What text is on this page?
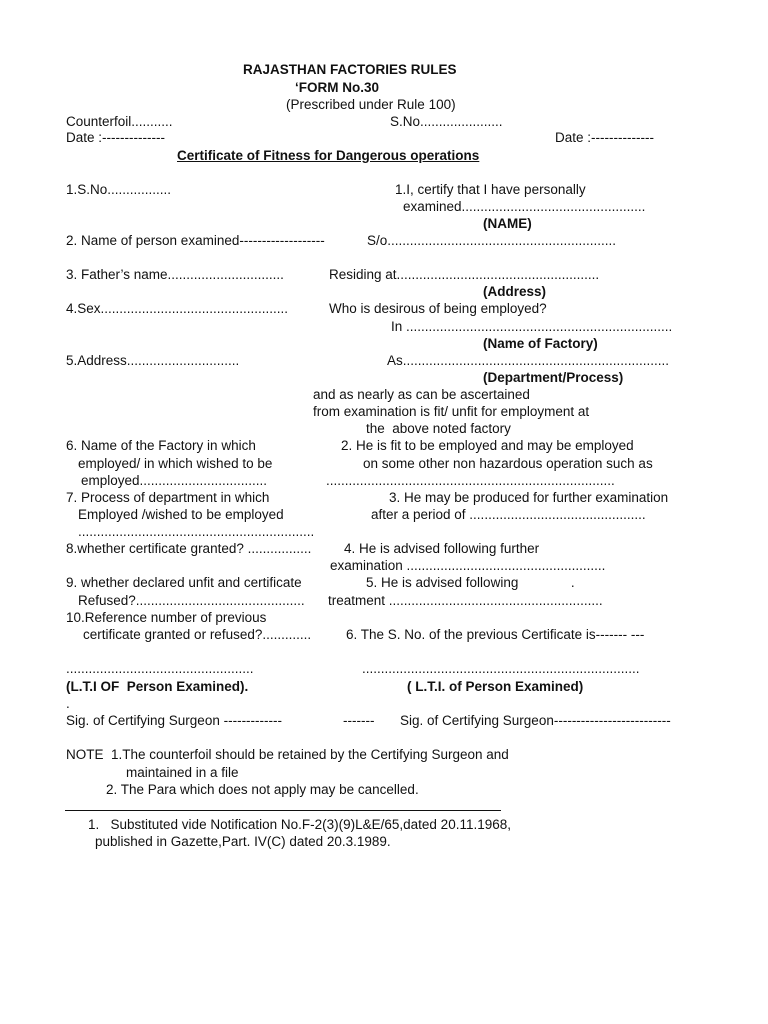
RAJASTHAN FACTORIES RULES
‘FORM No.30
(Prescribed under Rule 100)
Counterfoil...........	S.No......................
Date :--------------	Date :--------------
Certificate of Fitness for Dangerous operations
1.S.No.................
2. Name of person examined-------------------
3. Father’s name...............................
4.Sex..................................................
5.Address..............................
6. Name of the Factory in which
employed/ in which wished to be
employed..................................
7. Process of department in which
Employed /wished to be employed
...............................................................
8.whether certificate granted? .................
9. whether declared unfit and certificate
Refused?.............................................
10.Reference number of previous
certificate granted or refused?.............
..................................................
(L.T.I OF  Person Examined).
.
Sig. of Certifying Surgeon -------------
1.I, certify that I have personally
examined.................................................
(NAME)
S/o.............................................................
Residing at......................................................
(Address)
Who is desirous of being employed?
In .......................................................................
(Name of Factory)
As.......................................................................
(Department/Process)
and as nearly as can be ascertained
from examination is fit/ unfit for employment at
the  above noted factory
2. He is fit to be employed and may be employed
on some other non hazardous operation such as
.............................................................................
3. He may be produced for further examination
after a period of ...............................................
4. He is advised following further
examination .....................................................
5. He is advised following              .
treatment .........................................................
6. The S. No. of the previous Certificate is------- ---
..........................................................................
( L.T.I. of Person Examined)
------- Sig. of Certifying Surgeon--------------------------
NOTE  1.The counterfoil should be retained by the Certifying Surgeon and
maintained in a file
2. The Para which does not apply may be cancelled.
1.   Substituted vide Notification No.F-2(3)(9)L&E/65,dated 20.11.1968,
published in Gazette,Part. IV(C) dated 20.3.1989.
